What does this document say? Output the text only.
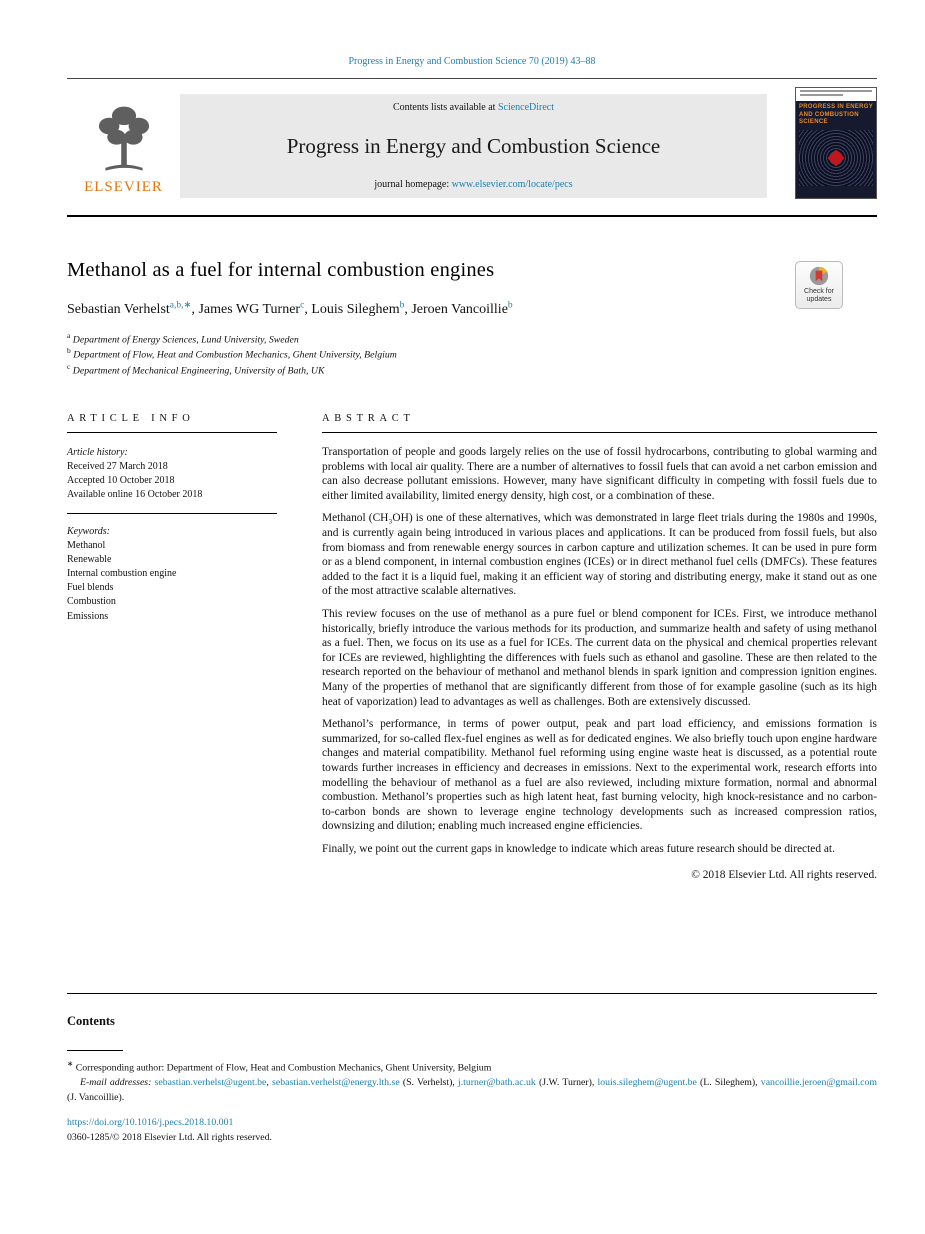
Progress in Energy and Combustion Science 70 (2019) 43–88
ELSEVIER
Contents lists available at ScienceDirect
Progress in Energy and Combustion Science
journal homepage: www.elsevier.com/locate/pecs
PROGRESS IN ENERGY AND COMBUSTION SCIENCE
Methanol as a fuel for internal combustion engines
Check for
updates
Sebastian Verhelst$^{a,b,∗}$, James WG Turner$^c$, Louis Sileghem$^b$, Jeroen Vancoillie$^b$
$^a$ Department of Energy Sciences, Lund University, Sweden
$^b$ Department of Flow, Heat and Combustion Mechanics, Ghent University, Belgium
$^c$ Department of Mechanical Engineering, University of Bath, UK
ARTICLE INFO
Article history:
Received 27 March 2018
Accepted 10 October 2018
Available online 16 October 2018
Keywords:
Methanol
Renewable
Internal combustion engine
Fuel blends
Combustion
Emissions
ABSTRACT

Transportation of people and goods largely relies on the use of fossil hydrocarbons, contributing to global warming and problems with local air quality. There are a number of alternatives to fossil fuels that can avoid a net carbon emission and can also decrease pollutant emissions. However, many have significant difficulty in competing with fossil fuels due to either limited availability, limited energy density, high cost, or a combination of these.

Methanol (CH₃OH) is one of these alternatives, which was demonstrated in large fleet trials during the 1980s and 1990s, and is currently again being introduced in various places and applications. It can be produced from fossil fuels, but also from biomass and from renewable energy sources in carbon capture and utilization schemes. It can be used in pure form or as a blend component, in internal combustion engines (ICEs) or in direct methanol fuel cells (DMFCs). These features added to the fact it is a liquid fuel, making it an efficient way of storing and distributing energy, make it stand out as one of the most attractive scalable alternatives.

This review focuses on the use of methanol as a pure fuel or blend component for ICEs. First, we introduce methanol historically, briefly introduce the various methods for its production, and summarize health and safety of using methanol as a fuel. Then, we focus on its use as a fuel for ICEs. The current data on the physical and chemical properties relevant for ICEs are reviewed, highlighting the differences with fuels such as ethanol and gasoline. These are then related to the research reported on the behaviour of methanol and methanol blends in spark ignition and compression ignition engines. Many of the properties of methanol that are significantly different from those of for example gasoline (such as its high heat of vaporization) lead to advantages as well as challenges. Both are extensively discussed.

Methanol’s performance, in terms of power output, peak and part load efficiency, and emissions formation is summarized, for so-called flex-fuel engines as well as for dedicated engines. We also briefly touch upon engine hardware changes and material compatibility. Methanol fuel reforming using engine waste heat is discussed, as a potential route towards further increases in efficiency and decreases in emissions. Next to the experimental work, research efforts into modelling the behaviour of methanol as a fuel are also reviewed, including mixture formation, normal and abnormal combustion. Methanol’s properties such as high latent heat, fast burning velocity, high knock-resistance and no carbon-to-carbon bonds are shown to leverage engine technology developments such as increased compression ratios, downsizing and dilution; enabling much increased engine efficiencies.

Finally, we point out the current gaps in knowledge to indicate which areas future research should be directed at.

© 2018 Elsevier Ltd. All rights reserved.
Contents
∗ Corresponding author: Department of Flow, Heat and Combustion Mechanics, Ghent University, Belgium
E-mail addresses: sebastian.verhelst@ugent.be, sebastian.verhelst@energy.lth.se (S. Verhelst), j.turner@bath.ac.uk (J.W. Turner), louis.sileghem@ugent.be (L. Sileghem), vancoillie.jeroen@gmail.com (J. Vancoillie).
https://doi.org/10.1016/j.pecs.2018.10.001
0360-1285/© 2018 Elsevier Ltd. All rights reserved.
